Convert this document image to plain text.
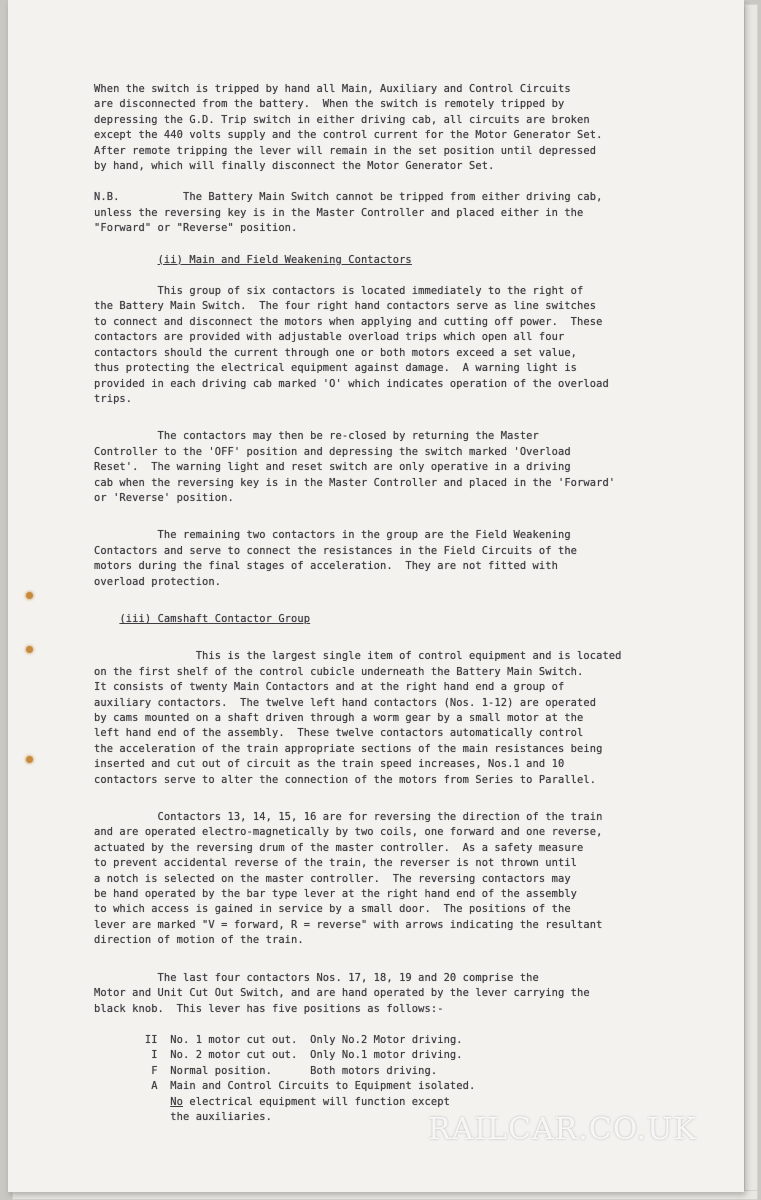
When the switch is tripped by hand all Main, Auxiliary and Control Circuits

are disconnected from the battery.  When the switch is remotely tripped by

depressing the G.D. Trip switch in either driving cab, all circuits are broken

except the 440 volts supply and the control current for the Motor Generator Set.

After remote tripping the lever will remain in the set position until depressed

by hand, which will finally disconnect the Motor Generator Set.

N.B.          The Battery Main Switch cannot be tripped from either driving cab,

unless the reversing key is in the Master Controller and placed either in the

"Forward" or "Reverse" position.

(ii) Main and Field Weakening Contactors

This group of six contactors is located immediately to the right of

the Battery Main Switch.  The four right hand contactors serve as line switches

to connect and disconnect the motors when applying and cutting off power.  These

contactors are provided with adjustable overload trips which open all four

contactors should the current through one or both motors exceed a set value,

thus protecting the electrical equipment against damage.  A warning light is

provided in each driving cab marked 'O' which indicates operation of the overload

trips.

The contactors may then be re-closed by returning the Master

Controller to the 'OFF' position and depressing the switch marked 'Overload

Reset'.  The warning light and reset switch are only operative in a driving

cab when the reversing key is in the Master Controller and placed in the 'Forward'

or 'Reverse' position.

The remaining two contactors in the group are the Field Weakening

Contactors and serve to connect the resistances in the Field Circuits of the

motors during the final stages of acceleration.  They are not fitted with

overload protection.

(iii) Camshaft Contactor Group

This is the largest single item of control equipment and is located

on the first shelf of the control cubicle underneath the Battery Main Switch.

It consists of twenty Main Contactors and at the right hand end a group of

auxiliary contactors.  The twelve left hand contactors (Nos. 1-12) are operated

by cams mounted on a shaft driven through a worm gear by a small motor at the

left hand end of the assembly.  These twelve contactors automatically control

the acceleration of the train appropriate sections of the main resistances being

inserted and cut out of circuit as the train speed increases, Nos.1 and 10

contactors serve to alter the connection of the motors from Series to Parallel.

Contactors 13, 14, 15, 16 are for reversing the direction of the train

and are operated electro-magnetically by two coils, one forward and one reverse,

actuated by the reversing drum of the master controller.  As a safety measure

to prevent accidental reverse of the train, the reverser is not thrown until

a notch is selected on the master controller.  The reversing contactors may

be hand operated by the bar type lever at the right hand end of the assembly

to which access is gained in service by a small door.  The positions of the

lever are marked "V = forward, R = reverse" with arrows indicating the resultant

direction of motion of the train.

The last four contactors Nos. 17, 18, 19 and 20 comprise the

Motor and Unit Cut Out Switch, and are hand operated by the lever carrying the

black knob.  This lever has five positions as follows:-

II No. 1 motor cut out.  Only No.2 Motor driving.

I No. 2 motor cut out.  Only No.1 motor driving.

F Normal position.      Both motors driving.

A Main and Control Circuits to Equipment isolated.

No electrical equipment will function except

the auxiliaries.	RAILCAR.CO.UK
